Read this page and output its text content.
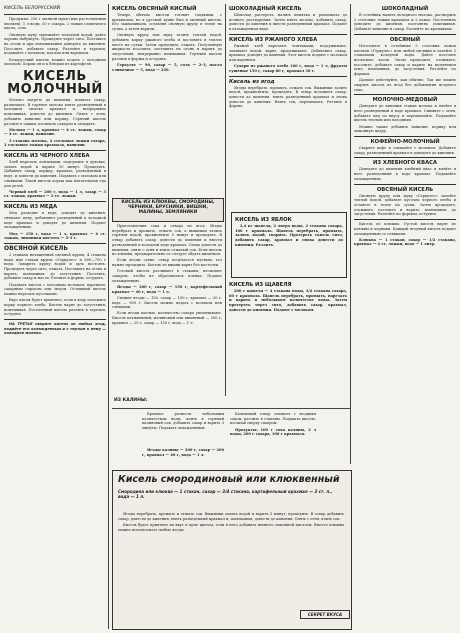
КИСЕЛЬ БЕЛОРУССКИЙ

Продукты: 250 г овсяной муки (или растолченных хлопьев), 1 л воды, 50 г сахара, 2 ложки сливочного масла, соль.

Овсяную муку замешайте холодной водой, дайте хорошо набухнуть. Процедите через сито. Поставьте на огонь и при помешивании доведите до кипения. Посолите, добавьте сахар. Разлейте в тарелки, подавайте с молоком, маслом или вареньем.

Белорусский кисель можно подать с холодным молоком. Хорош он и к блюдам из картофеля.

КИСЕЛЬ МОЛОЧНЫЙ

Молоко нагреть до кипения, всыпать сахар, размешать. В горячее молоко влить разведенный в холодном молоке крахмал и, непрерывно помешивая, довести до кипения. Снять с огня, добавить ванилин или корицу. Горячий кисель разлить в чашки, посыпать сахаром и охладить.

Молоко — 1 л, крахмал — 4 ст. ложки, сахар — 4 ст. ложки, ванилин.

3 стакана молока, 4 столовые ложки сахара, 2 столовые ложки крахмала, ванилин.

КИСЕЛЬ ИЗ ЧЕРНОГО ХЛЕБА

Хлеб нарезать ломтиками, подсушить в духовке, залить водой и варить 10 минут. Процедить. Добавить сахар, корицу, крахмал, разведенный в воде, и довести до кипения. Подавать с молоком или сливками. Такой кисель хорош как питательная еда для детей.

Черный хлеб — 200 г, вода — 1 л, сахар — 3 ст. ложки, крахмал — 2 ст. ложки.

КИСЕЛЬ ИЗ МЕДА

Мед разводят в воде, доводят до кипения, снимают пену, добавляют разведенный в холодной воде крахмал и доводят до кипения. Подают охлажденным.

Мед — 150 г, вода — 1 л, крахмал — 4 ст. ложки, лимонная кислота — 2–3 г.

ОВСЯНОЙ КИСЕЛЬ

2 стакана нечищенной овсяной крупы, 4 стакана воды или стакан крупы «Геркулес» и 600—700 г воды. Заварить крупу водой и дать постоять. Процедить через сито, отжать. Поставить на огонь и варить, помешивая, до загустения. Посолить, добавить сахар и масло. Разлить в формы, остудить.

Подавать кисель с холодным молоком, вареньем, сахарным сиропом или медом. Остывший кисель можно нарезать кусочками.

Вкус кисля будет приятнее, если в воду положить корку черного хлеба. Кисель варят до загустения, помешивая. Посоленный кисель разлить в тарелки, остудить.

НА ТРЕТЬЕ сварите кисель из любых ягод, подайте его охлажденным и с тертым к нему — холодное молоко.

КИСЕЛЬ ОВСЯНЫЙ КИСЛЫЙ

Теперь обычно кисели готовят сладкими, с крахмалом, но в русской кухне был и овсяный кисель. Его заквашивали, оставляя овсяную крупу в тепле на сутки, а затем варили.

Овсяную крупу или муку залить теплой водой, добавить корку ржаного хлеба и поставить в теплое место на сутки. Затем процедить, отжать. Полученную жидкость посолить, поставить на огонь и варить до загустения, непрерывно помешивая. Горячий кисель разлить в формы и остудить.

Геркулес — 90, сахар — 5, соль — 2–3, масло сливочное — 5, вода — 250.

КИСЕЛЬ ИЗ КЛЮКВЫ, СМОРОДИНЫ, ЧЕРНИКИ, БРУСНИКИ, ВИШНИ, МАЛИНЫ, ЗЕМЛЯНИКИ

Приготовления сока и отвара из ягод. Ягоды перебрать и промыть, отжать сок, а выжимки залить горячей водой, прокипятить 5 минут и процедить. В отвар добавить сахар, довести до кипения и ввести разведенный в холодной воде крахмал. Снова довести до кипения, снять с огня и влить отжатый сок. Если кисель из клюквы, предварительно ее следует обдать кипятком.

Если ягоды сухие, отвар получается мутным, его нужно процедить. Кисель из вишни варят без косточек.

Готовый кисель разливают в стаканы, посыпают сахаром, чтобы не образовалась пленка. Подают охлажденным.

Ягоды — 200 г, сахар — 150 г, картофельный крахмал — 40 г, вода — 1 л.

Свежие ягоды — 150, сахар — 100 г, крахмал — 30 г, вода — 900 г. Кисель можно подать с молоком или сливками.

Если ягоды кислые, количество сахара увеличивают. Кисель клюквенный, малиновый или вишневый — 200 г, крахмал — 25 г, сахар — 150 г, вода — 1 л.

ИЗ КАЛИНЫ:
ШОКОЛАДНЫЙ КИСЕЛЬ

Шоколад растереть, налить кипятка и размешать до полного растворения. Затем влить молоко, добавить сахар, довести до кипения и ввести разведенный крахмал. Подают в охлажденном виде.

КИСЕЛЬ ИЗ РЖАНОГО ХЛЕБА

Ржаной хлеб нарезают ломтиками, подсушивают, заливают водой, варят, процеживают. Добавляют сахар, крахмал, доводят до кипения. Этот кисель подают с молоком или вареньем.

Сухари из ржаного хлеба 160 г, вода — 1 л, фрукты сушеные 150 г, сахар 80 г, крахмал 30 г.

Кисель из ягод

Ягоды перебрать, промыть, отжать сок. Выжимки залить водой, прокипятить, процедить. В отвар положить сахар, довести до кипения, влить разведенный крахмал и снова довести до кипения. Влить сок, перемешать. Разлить в формы.

КИСЕЛЬ ИЗ ЯБЛОК

2,4 кг щавеля, 2 литра воды, 2 стакана сахара, 100 г крахмала. Щавель перебрать, промыть, залить водой, сварить. Протереть сквозь сито, добавить сахар, крахмал и снова довести до кипения. Разлить.

КИСЕЛЬ ИЗ ЩАВЕЛЯ

200 г щавеля — 4 стакана воды, 3/4 стакана сахара, 60 г крахмала. Щавель перебрать, промыть, нарезать и варить в небольшом количестве воды. Затем протереть через сито, добавить сахар, крахмал, довести до кипения. Подают с молоком.

ШОКОЛАДНЫЙ

В сотейник налить холодного молока, растворить 2 столовые ложки крахмала и 2 какао. Постепенно доведите до кипения, постоянно помешивая. Добавьте ванилин и сахар. Разлейте по креманкам.

ОВСЯНЫЙ

Изготовьте в сотейнике 5 столовых ложек хлопьев «Геркулес» или любой овсянки и залейте 2 стаканами холодной воды. Дайте постоять несколько часов. Затем процедите, отожмите, посолите, добавьте сахар и варите на медленном огне, помешивая, до загустения. Разлейте по формам.

Дальше действуйте, как обычно. Так же можно сварить кисель из ягод без добавления ягодного сока.

МОЛОЧНО-МЕДОВЫЙ

Доведите до кипения стакан молока и влейте в него разведенный в воде крахмал. Снимите с огня, добавьте мед по вкусу и перемешайте. Подавайте кисель теплым или холодным.

Можно также добавить ванилин, корицу или лимонную цедру.

КОФЕЙНО-МОЛОЧНЫЙ

Сварите кофе и смешайте с молоком. Добавьте сахар, разведенный крахмал и доведите до кипения.

ИЗ ХЛЕБНОГО КВАСА

Доведите до кипения хлебный квас и влейте в него разведенный в воде крахмал. Подавайте охлажденным.

ОВСЯНЫЙ КИСЕЛЬ

Овсяную крупу или муку «Геркулес» залейте теплой водой, добавьте кусочек черного хлеба и оставьте в тепле на сутки. Затем процедите, отожмите, посолите и варите, помешивая, до загустения. Разлейте по формам, остудите.

Кисель из клюквы. Густой кисель варят из клюквы и черники. Каждый ягодный кисель подают охлажденным со сливками.

Клюква — 1 стакан, сахар — 1/2 стакана, крахмал — 2 ст. ложки, вода — 1 литр.

Крахмал развести небольшим количеством воды, влить в горячий калиновый сок, добавить сахар и варить 3 минуты. Подавать охлажденным.

Калиновый отвар смешать с ягодным соком, разлить в стаканы. Подавать кисель, посыпав сверху сахаром.

Продукты: 100 г сока калины, 2 л воды, 200 г сахара, 100 г крахмала.

Ягоды калины — 200 г, сахар — 200 г, крахмал — 40 г, вода — 1 л.

Кисель смородиновый или клюквенный
Смородина или клюква — 1 стакан, сахар — 3/4 стакана, картофельный крахмал — 3 ст. л., вода — 1 л.

Ягоды перебрать, промыть и отжать сок. Выжимки залить водой и варить 5 минут, процедить. В отвар добавить сахар, довести до кипения, влить разведенный крахмал и, помешивая, довести до кипения. Снять с огня, влить сок.

Кисель будет приятнее на вкус и ярче цветом, если в него добавить немного лимонной кислоты. Вместо клюквы можно использовать любые ягоды.

СЕКРЕТ ВКУСА
